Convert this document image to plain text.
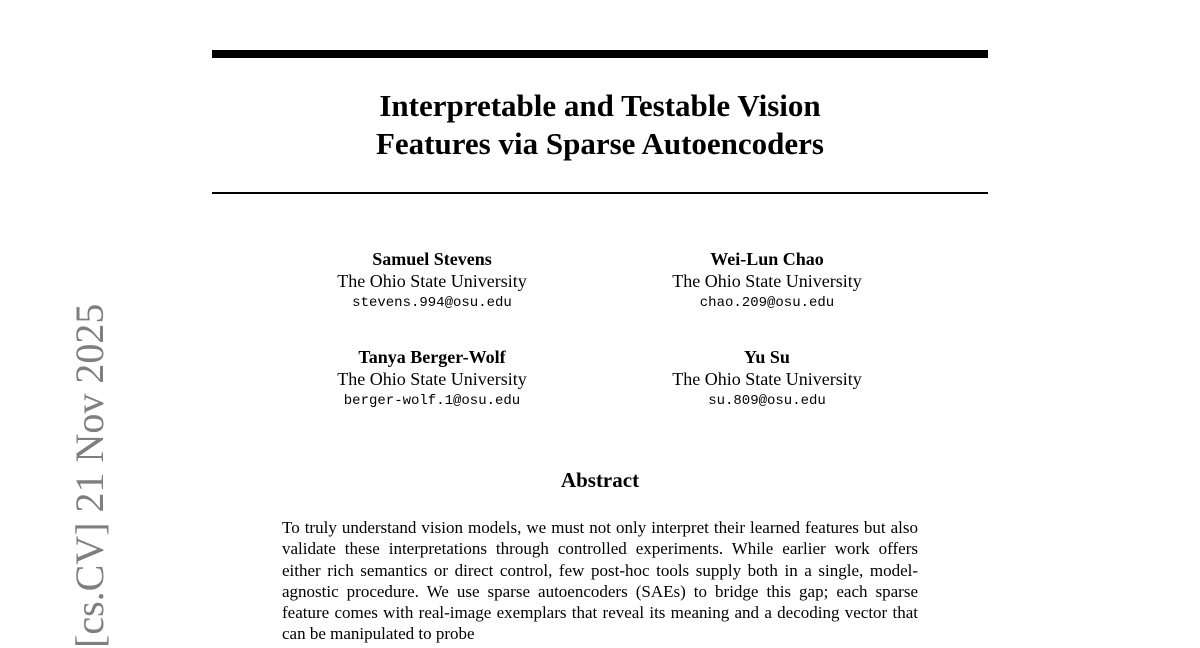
Interpretable and Testable Vision
Features via Sparse Autoencoders
Samuel Stevens
The Ohio State University
stevens.994@osu.edu
Wei-Lun Chao
The Ohio State University
chao.209@osu.edu
Tanya Berger-Wolf
The Ohio State University
berger-wolf.1@osu.edu
Yu Su
The Ohio State University
su.809@osu.edu
Abstract

To truly understand vision models, we must not only interpret their learned features but also validate these interpretations through controlled experiments. While earlier work offers either rich semantics or direct control, few post-hoc tools supply both in a single, model-agnostic procedure. We use sparse autoencoders (SAEs) to bridge this gap; each sparse feature comes with real-image exemplars that reveal its meaning and a decoding vector that can be manipulated to probe

[cs.CV] 21 Nov 2025
